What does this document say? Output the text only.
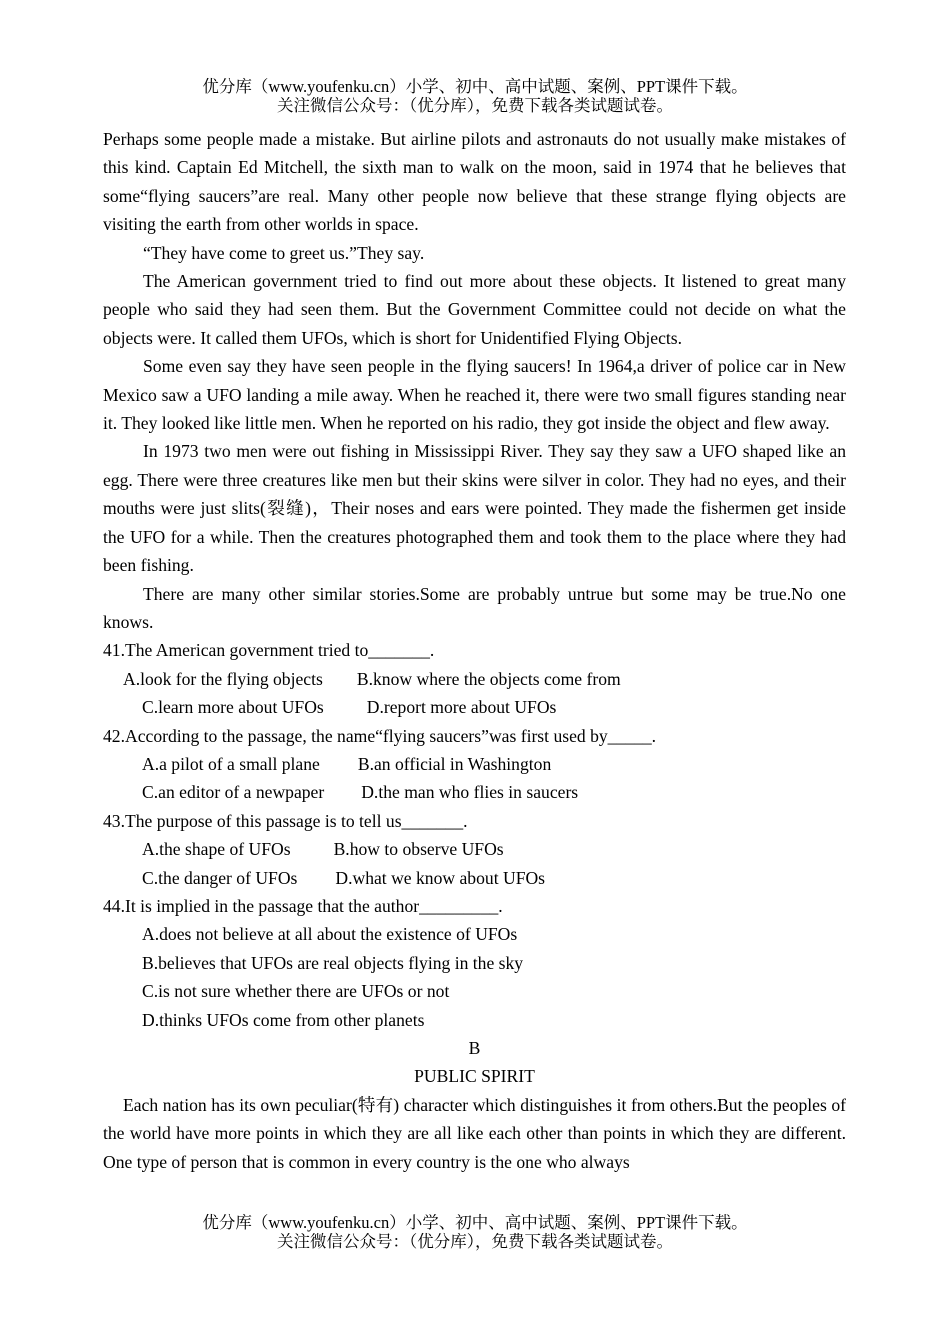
优分库（www.youfenku.cn）小学、初中、高中试题、案例、PPT课件下载。
关注微信公众号：（优分库），免费下载各类试题试卷。

Perhaps some people made a mistake. But airline pilots and astronauts do not usually make mistakes of this kind. Captain Ed Mitchell, the sixth man to walk on the moon, said in 1974 that he believes that some“flying saucers”are real. Many other people now believe that these strange flying objects are visiting the earth from other worlds in space.

“They have come to greet us.”They say.

The American government tried to find out more about these objects. It listened to great many people who said they had seen them. But the Government Committee could not decide on what the objects were. It called them UFOs, which is short for Unidentified Flying Objects.

Some even say they have seen people in the flying saucers! In 1964,a driver of police car in New Mexico saw a UFO landing a mile away. When he reached it, there were two small figures standing near it. They looked like little men. When he reported on his radio, they got inside the object and flew away.

In 1973 two men were out fishing in Mississippi River. They say they saw a UFO shaped like an egg. There were three creatures like men but their skins were silver in color. They had no eyes, and their mouths were just slits(裂缝)，Their noses and ears were pointed. They made the fishermen get inside the UFO for a while. Then the creatures photographed them and took them to the place where they had been fishing.

There are many other similar stories.Some are probably untrue but some may be true.No one knows.

41.The American government tried to_______.

A.look for the flying objects B.know where the objects come from

C.learn more about UFOs D.report more about UFOs

42.According to the passage, the name“flying saucers”was first used by_____.

A.a pilot of a small plane B.an official in Washington

C.an editor of a newpaper D.the man who flies in saucers

43.The purpose of this passage is to tell us_______.

A.the shape of UFOs B.how to observe UFOs

C.the danger of UFOs D.what we know about UFOs

44.It is implied in the passage that the author_________.

A.does not believe at all about the existence of UFOs

B.believes that UFOs are real objects flying in the sky

C.is not sure whether there are UFOs or not

D.thinks UFOs come from other planets

B

PUBLIC SPIRIT

Each nation has its own peculiar(特有) character which distinguishes it from others.But the peoples of the world have more points in which they are all like each other than points in which they are different. One type of person that is common in every country is the one who always

优分库（www.youfenku.cn）小学、初中、高中试题、案例、PPT课件下载。
关注微信公众号：（优分库），免费下载各类试题试卷。
